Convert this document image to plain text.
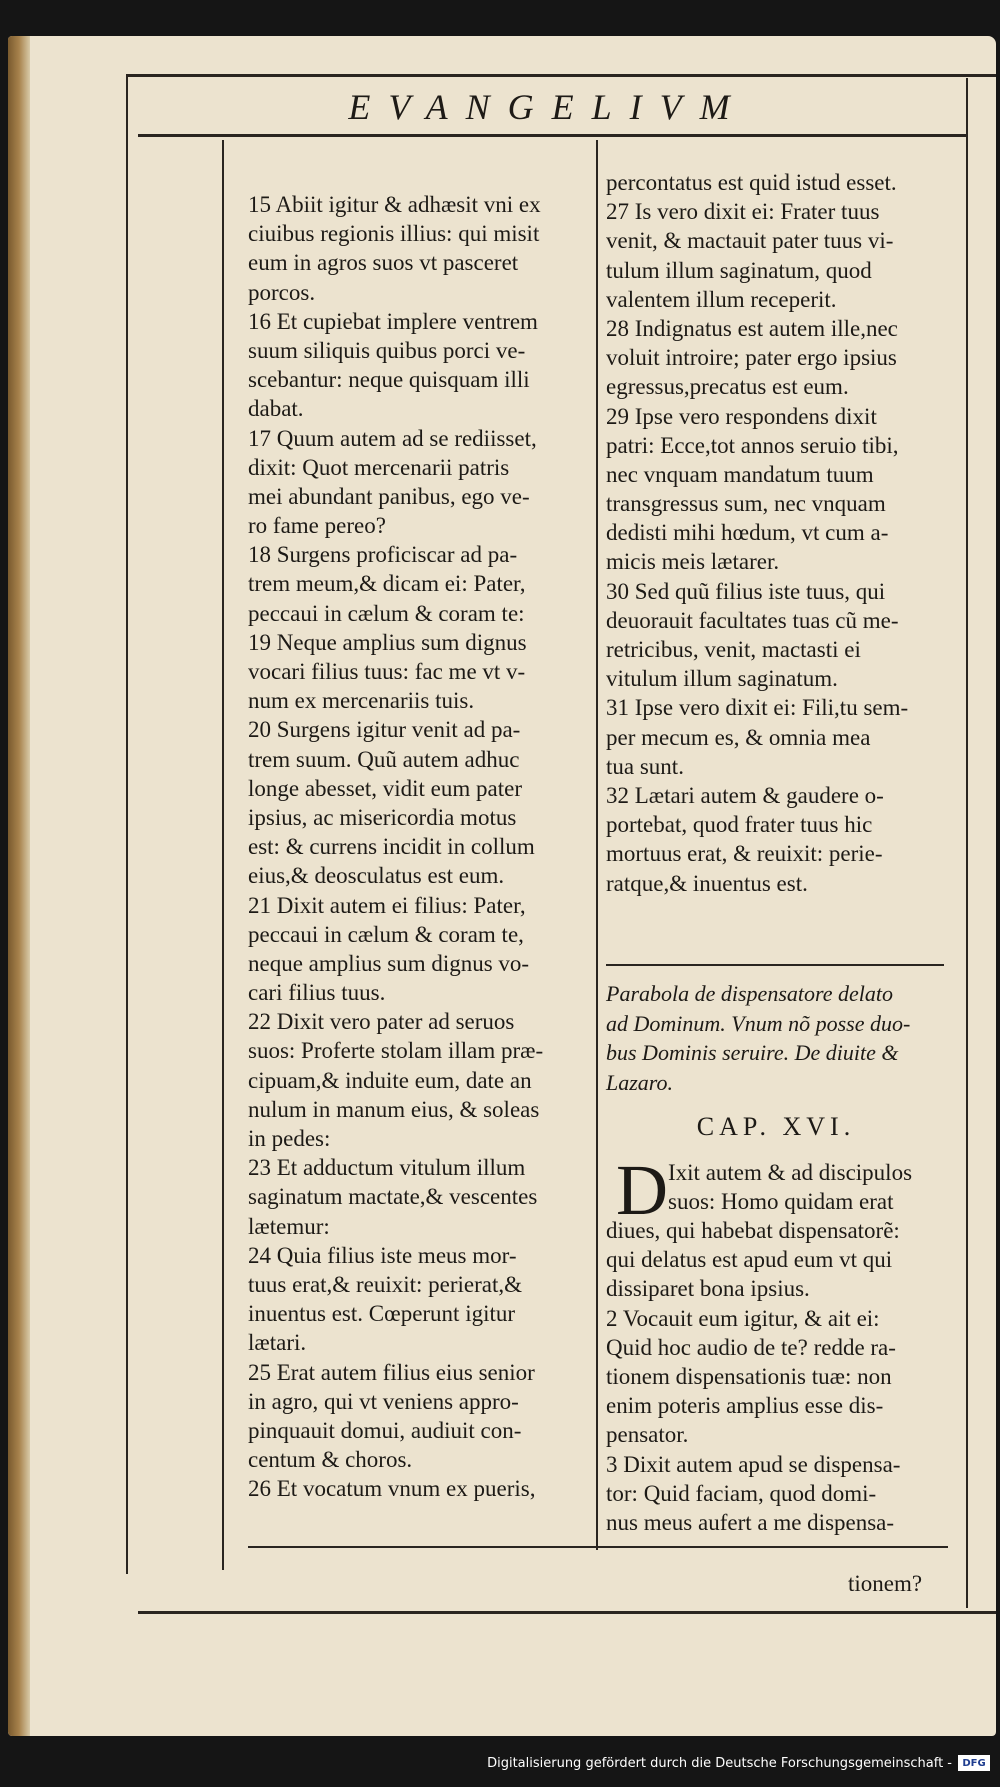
EVANGELIVM
15 Abiit igitur & adhæsit vni ex
ciuibus regionis illius: qui misit
eum in agros suos vt pasceret
porcos.
16 Et cupiebat implere ventrem
suum siliquis quibus porci ve-
scebantur: neque quisquam illi
dabat.
17 Quum autem ad se rediisset,
dixit: Quot mercenarii patris
mei abundant panibus, ego ve-
ro fame pereo?
18 Surgens proficiscar ad pa-
trem meum,& dicam ei: Pater,
peccaui in cælum & coram te:
19 Neque amplius sum dignus
vocari filius tuus: fac me vt v-
num ex mercenariis tuis.
20 Surgens igitur venit ad pa-
trem suum. Quũ autem adhuc
longe abesset, vidit eum pater
ipsius, ac misericordia motus
est: & currens incidit in collum
eius,& deosculatus est eum.
21 Dixit autem ei filius: Pater,
peccaui in cælum & coram te,
neque amplius sum dignus vo-
cari filius tuus.
22 Dixit vero pater ad seruos
suos: Proferte stolam illam præ-
cipuam,& induite eum, date an
nulum in manum eius, & soleas
in pedes:
23 Et adductum vitulum illum
saginatum mactate,& vescentes
lætemur:
24 Quia filius iste meus mor-
tuus erat,& reuixit: perierat,&
inuentus est. Cœperunt igitur
lætari.
25 Erat autem filius eius senior
in agro, qui vt veniens appro-
pinquauit domui, audiuit con-
centum & choros.
26 Et vocatum vnum ex pueris,
percontatus est quid istud esset.
27 Is vero dixit ei: Frater tuus
venit, & mactauit pater tuus vi-
tulum illum saginatum, quod
valentem illum receperit.
28 Indignatus est autem ille,nec
voluit introire; pater ergo ipsius
egressus,precatus est eum.
29 Ipse vero respondens dixit
patri: Ecce,tot annos seruio tibi,
nec vnquam mandatum tuum
transgressus sum, nec vnquam
dedisti mihi hœdum, vt cum a-
micis meis lætarer.
30 Sed quũ filius iste tuus, qui
deuorauit facultates tuas cũ me-
retricibus, venit, mactasti ei
vitulum illum saginatum.
31 Ipse vero dixit ei: Fili,tu sem-
per mecum es, & omnia mea
tua sunt.
32 Lætari autem & gaudere o-
portebat, quod frater tuus hic
mortuus erat, & reuixit: perie-
ratque,& inuentus est.
Parabola de dispensatore delato
ad Dominum. Vnum nõ posse duo-
bus Dominis seruire. De diuite &
Lazaro.
CAP. XVI.
D Ixit autem & ad discipulos
suos: Homo quidam erat
diues, qui habebat dispensatorẽ:
qui delatus est apud eum vt qui
dissiparet bona ipsius.
2 Vocauit eum igitur, & ait ei:
Quid hoc audio de te? redde ra-
tionem dispensationis tuæ: non
enim poteris amplius esse dis-
pensator.
3 Dixit autem apud se dispensa-
tor: Quid faciam, quod domi-
nus meus aufert a me dispensa-
tionem?
Digitalisierung gefördert durch die Deutsche Forschungsgemeinschaft -	DFG
